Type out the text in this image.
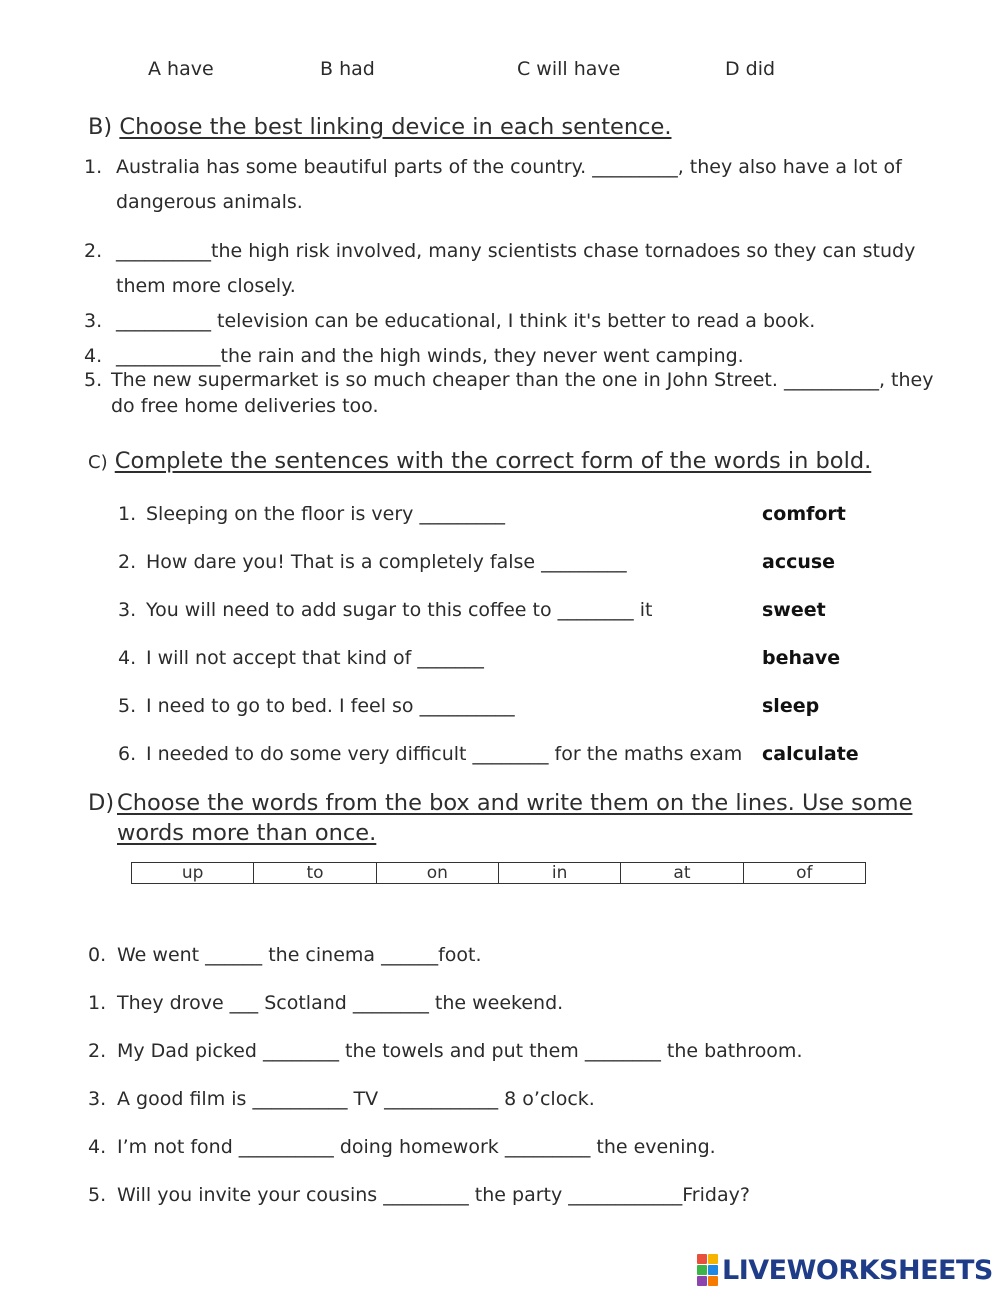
A have	B had	C will have	D did
B) Choose the best linking device in each sentence.
1. Australia has some beautiful parts of the country. _________, they also have a lot of
dangerous animals.
2. __________the high risk involved, many scientists chase tornadoes so they can study
them more closely.
3. __________ television can be educational, I think it's better to read a book.
4. ___________the rain and the high winds, they never went camping.
5. The new supermarket is so much cheaper than the one in John Street. __________, they
do free home deliveries too.
C) Complete the sentences with the correct form of the words in bold.
1. Sleeping on the floor is very _________	comfort
2. How dare you! That is a completely false _________	accuse
3. You will need to add sugar to this coffee to ________ it	sweet
4. I will not accept that kind of _______	behave
5. I need to go to bed. I feel so __________	sleep
6. I needed to do some very difficult ________ for the maths exam calculate
D) Choose the words from the box and write them on the lines. Use some
words more than once.
up	to	on	in	at	of
0. We went ______ the cinema ______foot.
1. They drove ___ Scotland ________ the weekend.
2. My Dad picked ________ the towels and put them ________ the bathroom.
3. A good film is __________ TV ____________ 8 o’clock.
4. I’m not fond __________ doing homework _________ the evening.
5. Will you invite your cousins _________ the party ____________Friday?
LIVEWORKSHEETS
